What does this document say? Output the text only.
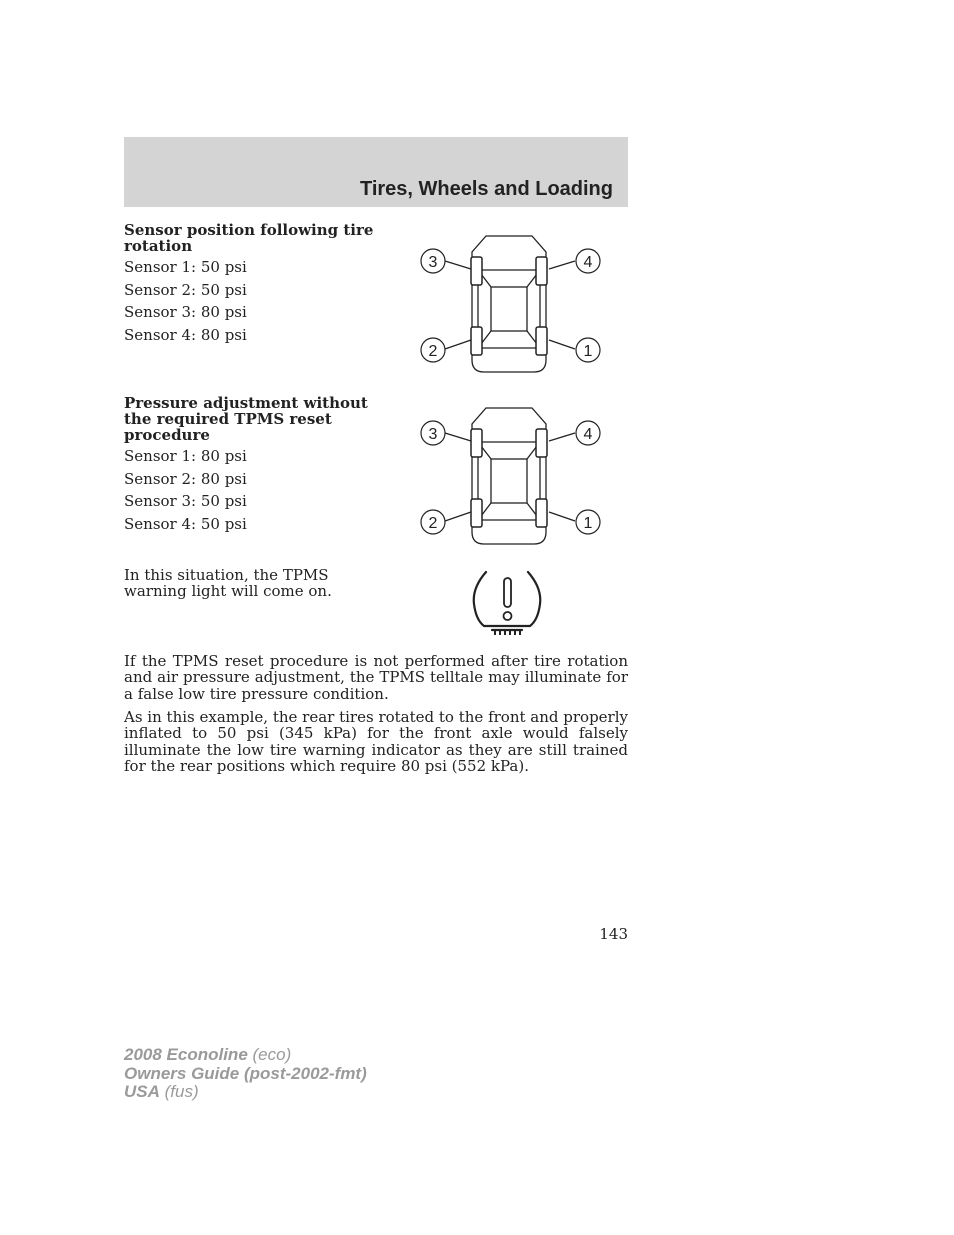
Tires, Wheels and Loading
Sensor position following tire rotation

Sensor 1: 50 psi

Sensor 2: 50 psi

Sensor 3: 80 psi

Sensor 4: 80 psi

3	4
2	1
Pressure adjustment without the required TPMS reset procedure

Sensor 1: 80 psi

Sensor 2: 80 psi

Sensor 3: 50 psi

Sensor 4: 50 psi

3	4
2	1

In this situation, the TPMS warning light will come on.

If the TPMS reset procedure is not performed after tire rotation and air pressure adjustment, the TPMS telltale may illuminate for a false low tire pressure condition.

As in this example, the rear tires rotated to the front and properly inflated to 50 psi (345 kPa) for the front axle would falsely illuminate the low tire warning indicator as they are still trained for the rear positions which require 80 psi (552 kPa).

143

2008 Econoline (eco)
Owners Guide (post-2002-fmt)
USA (fus)
